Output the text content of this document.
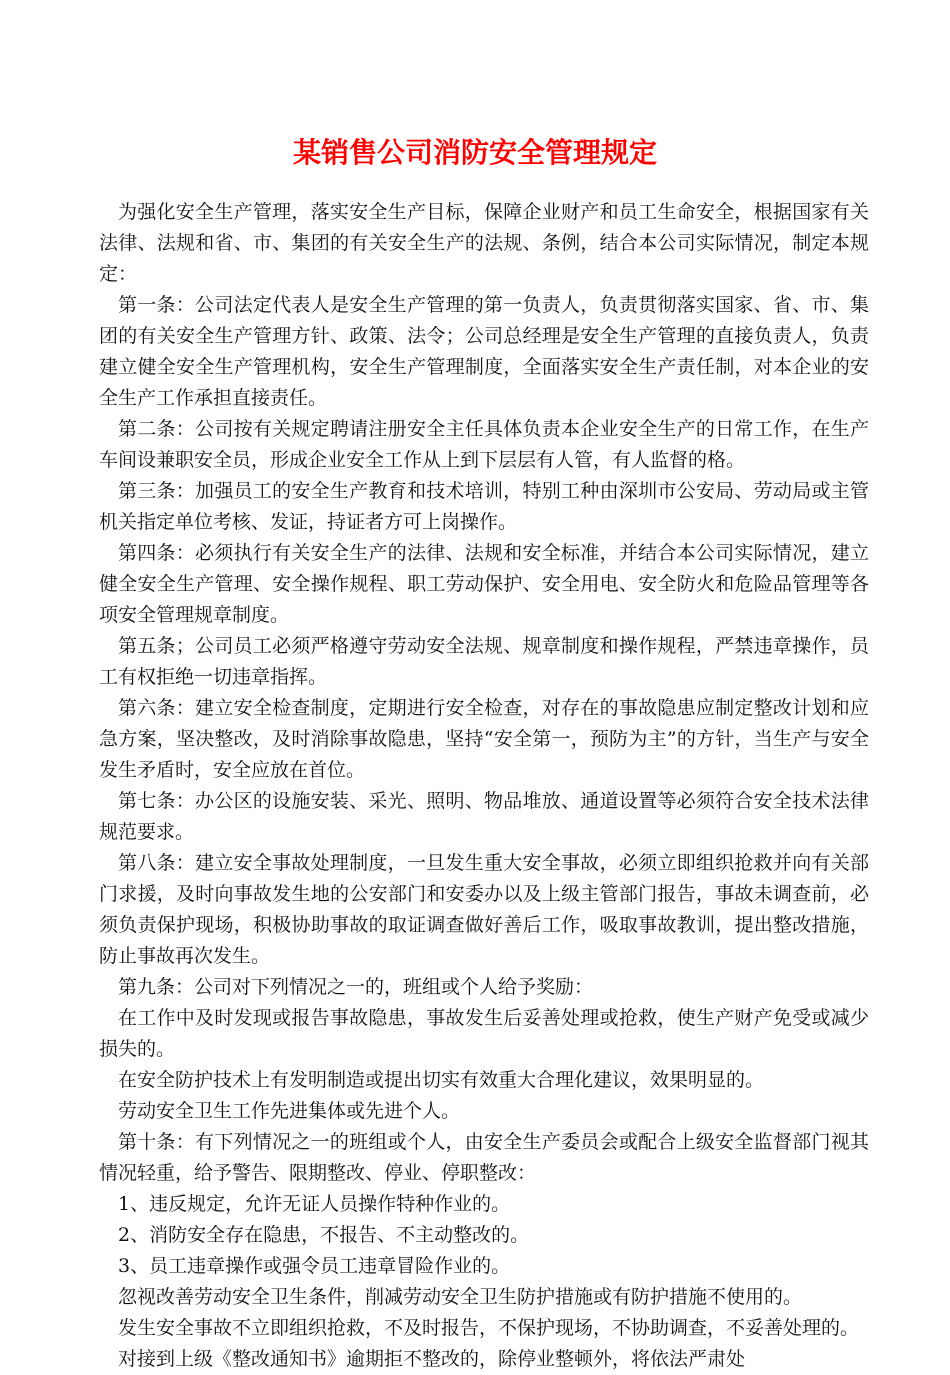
某销售公司消防安全管理规定

为强化安全生产管理，落实安全生产目标，保障企业财产和员工生命安全，根据国家有关法律、法规和省、市、集团的有关安全生产的法规、条例，结合本公司实际情况，制定本规定：

第一条：公司法定代表人是安全生产管理的第一负责人，负责贯彻落实国家、省、市、集团的有关安全生产管理方针、政策、法令；公司总经理是安全生产管理的直接负责人，负责建立健全安全生产管理机构，安全生产管理制度，全面落实安全生产责任制，对本企业的安全生产工作承担直接责任。

第二条：公司按有关规定聘请注册安全主任具体负责本企业安全生产的日常工作，在生产车间设兼职安全员，形成企业安全工作从上到下层层有人管，有人监督的格。

第三条：加强员工的安全生产教育和技术培训，特别工种由深圳市公安局、劳动局或主管机关指定单位考核、发证，持证者方可上岗操作。

第四条：必须执行有关安全生产的法律、法规和安全标准，并结合本公司实际情况，建立健全安全生产管理、安全操作规程、职工劳动保护、安全用电、安全防火和危险品管理等各项安全管理规章制度。

第五条；公司员工必须严格遵守劳动安全法规、规章制度和操作规程，严禁违章操作，员工有权拒绝一切违章指挥。

第六条：建立安全检查制度，定期进行安全检查，对存在的事故隐患应制定整改计划和应急方案，坚决整改，及时消除事故隐患，坚持“安全第一，预防为主”的方针，当生产与安全发生矛盾时，安全应放在首位。

第七条：办公区的设施安装、采光、照明、物品堆放、通道设置等必须符合安全技术法律规范要求。

第八条：建立安全事故处理制度，一旦发生重大安全事故，必须立即组织抢救并向有关部门求援，及时向事故发生地的公安部门和安委办以及上级主管部门报告，事故未调查前，必须负责保护现场，积极协助事故的取证调查做好善后工作，吸取事故教训，提出整改措施，防止事故再次发生。

第九条：公司对下列情况之一的，班组或个人给予奖励：

在工作中及时发现或报告事故隐患，事故发生后妥善处理或抢救，使生产财产免受或减少损失的。

在安全防护技术上有发明制造或提出切实有效重大合理化建议，效果明显的。

劳动安全卫生工作先进集体或先进个人。

第十条：有下列情况之一的班组或个人，由安全生产委员会或配合上级安全监督部门视其情况轻重，给予警告、限期整改、停业、停职整改：

1、违反规定，允许无证人员操作特种作业的。

2、消防安全存在隐患，不报告、不主动整改的。

3、员工违章操作或强令员工违章冒险作业的。

忽视改善劳动安全卫生条件，削减劳动安全卫生防护措施或有防护措施不使用的。

发生安全事故不立即组织抢救，不及时报告，不保护现场，不协助调查，不妥善处理的。

对接到上级《整改通知书》逾期拒不整改的，除停业整顿外，将依法严肃处
